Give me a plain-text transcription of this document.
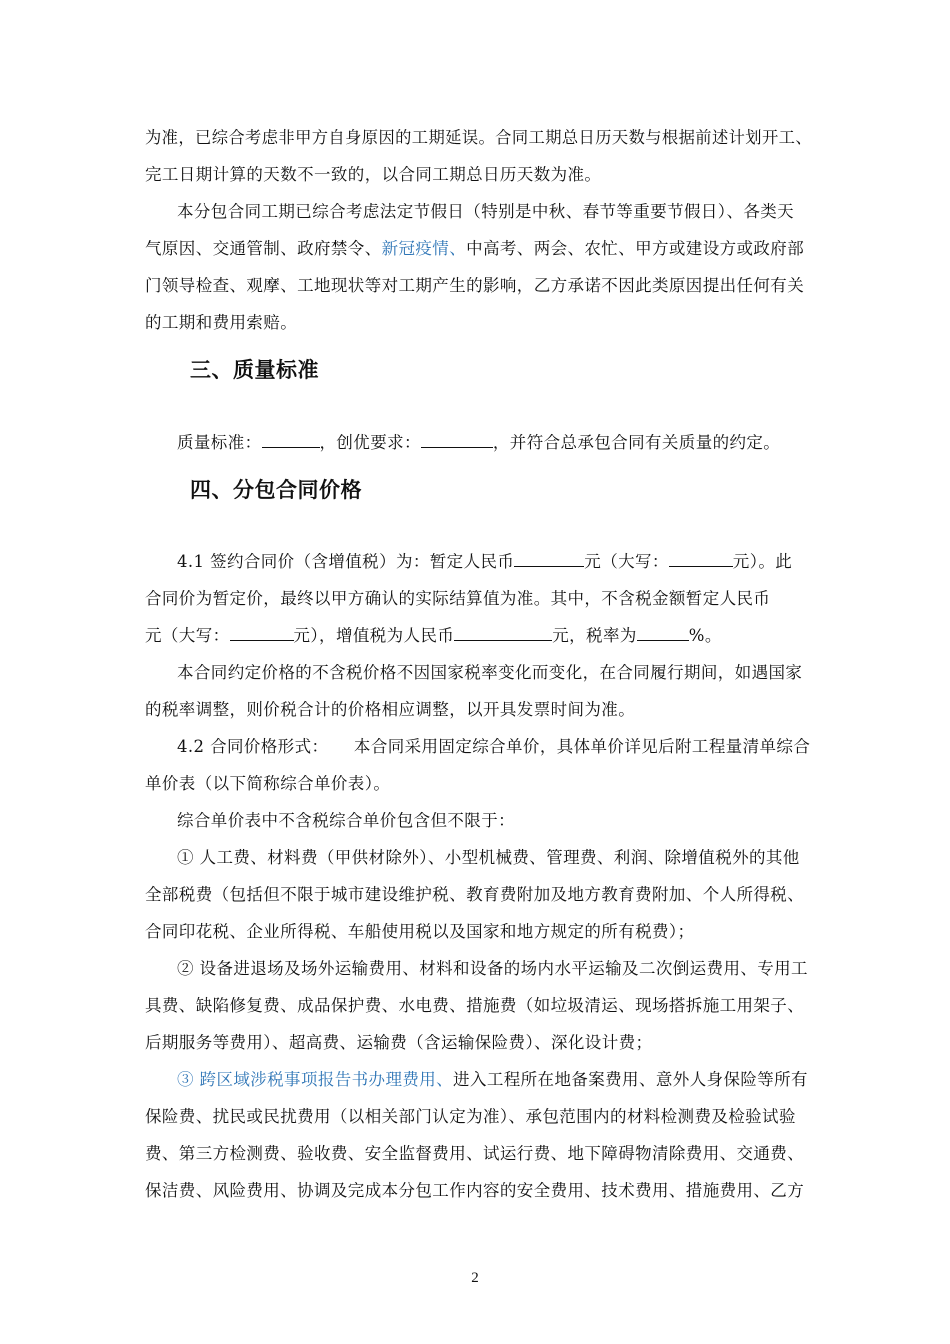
为准，已综合考虑非甲方自身原因的工期延误。合同工期总日历天数与根据前述计划开工、

完工日期计算的天数不一致的，以合同工期总日历天数为准。

本分包合同工期已综合考虑法定节假日（特别是中秋、春节等重要节假日）、各类天

气原因、交通管制、政府禁令、新冠疫情、中高考、两会、农忙、甲方或建设方或政府部

门领导检查、观摩、工地现状等对工期产生的影响，乙方承诺不因此类原因提出任何有关

的工期和费用索赔。

三、质量标准

质量标准：	，创优要求：	，并符合总承包合同有关质量的约定。

四、分包合同价格

4.1 签约合同价（含增值税）为：暂定人民币	元（大写：	元）。此

合同价为暂定价，最终以甲方确认的实际结算值为准。其中，不含税金额暂定人民币

元（大写：	元），增值税为人民币	元，税率为	%。

本合同约定价格的不含税价格不因国家税率变化而变化，在合同履行期间，如遇国家

的税率调整，则价税合计的价格相应调整，以开具发票时间为准。

4.2 合同价格形式：　　本合同采用固定综合单价，具体单价详见后附工程量清单综合

单价表（以下简称综合单价表）。

综合单价表中不含税综合单价包含但不限于：

① 人工费、材料费（甲供材除外）、小型机械费、管理费、利润、除增值税外的其他

全部税费（包括但不限于城市建设维护税、教育费附加及地方教育费附加、个人所得税、

合同印花税、企业所得税、车船使用税以及国家和地方规定的所有税费）；

② 设备进退场及场外运输费用、材料和设备的场内水平运输及二次倒运费用、专用工

具费、缺陷修复费、成品保护费、水电费、措施费（如垃圾清运、现场搭拆施工用架子、

后期服务等费用）、超高费、运输费（含运输保险费）、深化设计费；

③ 跨区域涉税事项报告书办理费用、进入工程所在地备案费用、意外人身保险等所有

保险费、扰民或民扰费用（以相关部门认定为准）、承包范围内的材料检测费及检验试验

费、第三方检测费、验收费、安全监督费用、试运行费、地下障碍物清除费用、交通费、

保洁费、风险费用、协调及完成本分包工作内容的安全费用、技术费用、措施费用、乙方

2
